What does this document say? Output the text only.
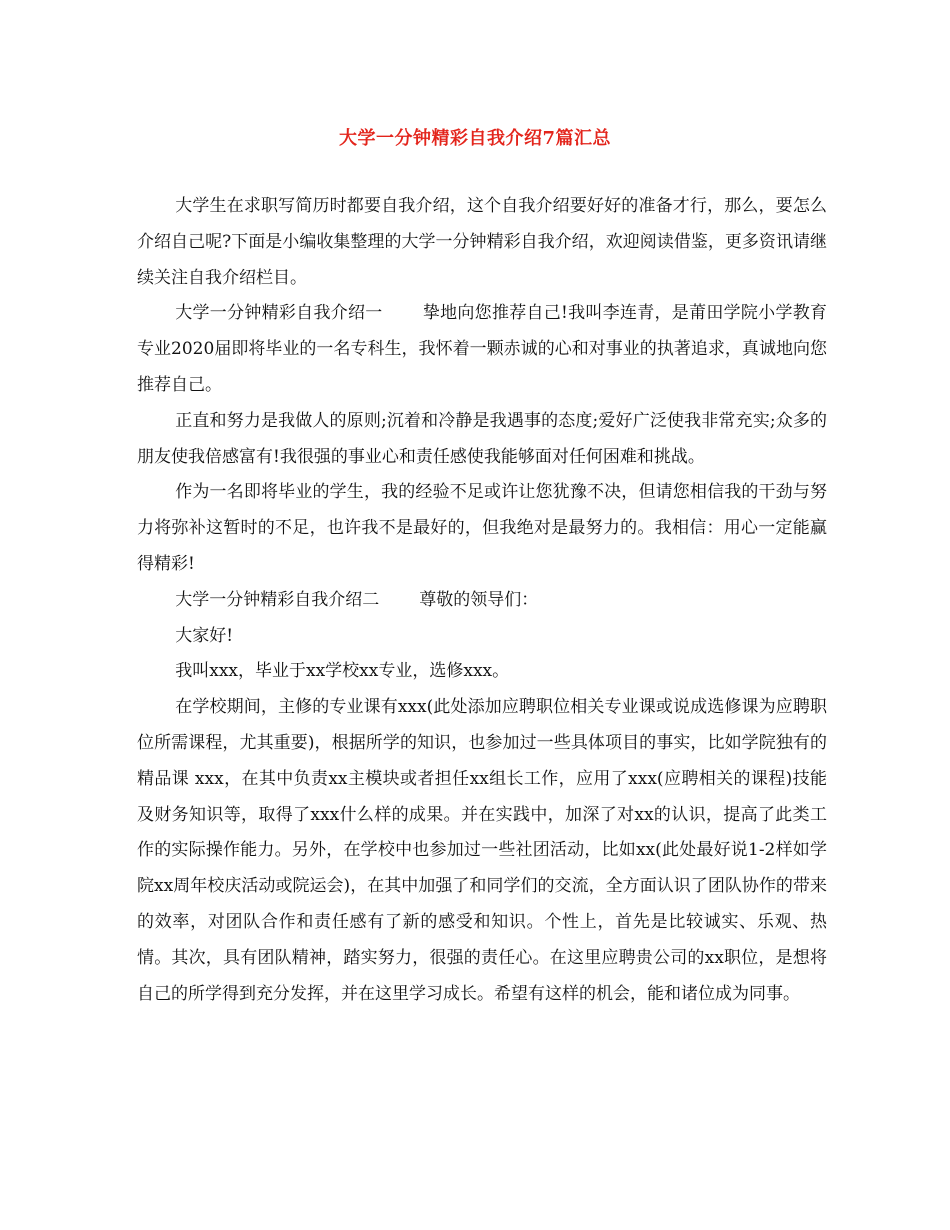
大学一分钟精彩自我介绍7篇汇总

大学生在求职写简历时都要自我介绍，这个自我介绍要好好的准备才行，那么，要怎么介绍自己呢?下面是小编收集整理的大学一分钟精彩自我介绍，欢迎阅读借鉴，更多资讯请继续关注自我介绍栏目。

大学一分钟精彩自我介绍一 挚地向您推荐自己!我叫李连青，是莆田学院小学教育专业2020届即将毕业的一名专科生，我怀着一颗赤诚的心和对事业的执著追求，真诚地向您推荐自己。

正直和努力是我做人的原则;沉着和冷静是我遇事的态度;爱好广泛使我非常充实;众多的朋友使我倍感富有!我很强的事业心和责任感使我能够面对任何困难和挑战。

作为一名即将毕业的学生，我的经验不足或许让您犹豫不决，但请您相信我的干劲与努力将弥补这暂时的不足，也许我不是最好的，但我绝对是最努力的。我相信：用心一定能赢得精彩!

大学一分钟精彩自我介绍二 尊敬的领导们：

大家好!

我叫xxx，毕业于xx学校xx专业，选修xxx。

在学校期间，主修的专业课有xxx(此处添加应聘职位相关专业课或说成选修课为应聘职位所需课程，尤其重要)，根据所学的知识，也参加过一些具体项目的事实，比如学院独有的精品课 xxx，在其中负责xx主模块或者担任xx组长工作，应用了xxx(应聘相关的课程)技能及财务知识等，取得了xxx什么样的成果。并在实践中，加深了对xx的认识，提高了此类工作的实际操作能力。另外，在学校中也参加过一些社团活动，比如xx(此处最好说1-2样如学院xx周年校庆活动或院运会)，在其中加强了和同学们的交流，全方面认识了团队协作的带来的效率，对团队合作和责任感有了新的感受和知识。个性上，首先是比较诚实、乐观、热情。其次，具有团队精神，踏实努力，很强的责任心。在这里应聘贵公司的xx职位，是想将自己的所学得到充分发挥，并在这里学习成长。希望有这样的机会，能和诸位成为同事。
